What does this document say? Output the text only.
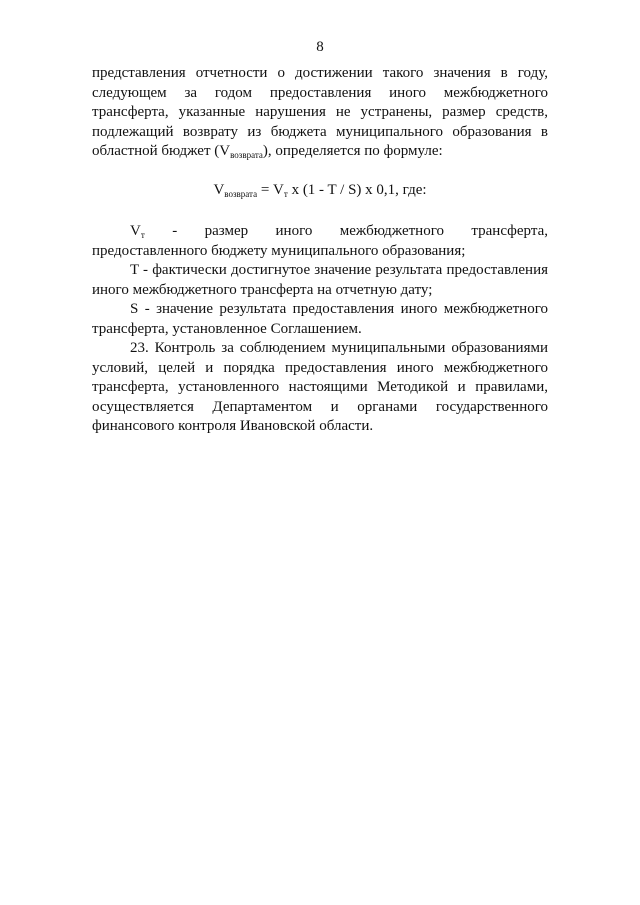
8

представления отчетности о достижении такого значения в году, следующем за годом предоставления иного межбюджетного трансферта, указанные нарушения не устранены, размер средств, подлежащий возврату из бюджета муниципального образования в областной бюджет $(V_{возврата})$, определяется по формуле:

$V_{возврата} = V_т$ x (1 - T / S) x 0,1, где:

$V_т$ - размер иного межбюджетного трансферта, предоставленного бюджету муниципального образования;

T - фактически достигнутое значение результата предоставления иного межбюджетного трансферта на отчетную дату;

S - значение результата предоставления иного межбюджетного трансферта, установленное Соглашением.

23. Контроль за соблюдением муниципальными образованиями условий, целей и порядка предоставления иного межбюджетного трансферта, установленного настоящими Методикой и правилами, осуществляется Департаментом и органами государственного финансового контроля Ивановской области.
